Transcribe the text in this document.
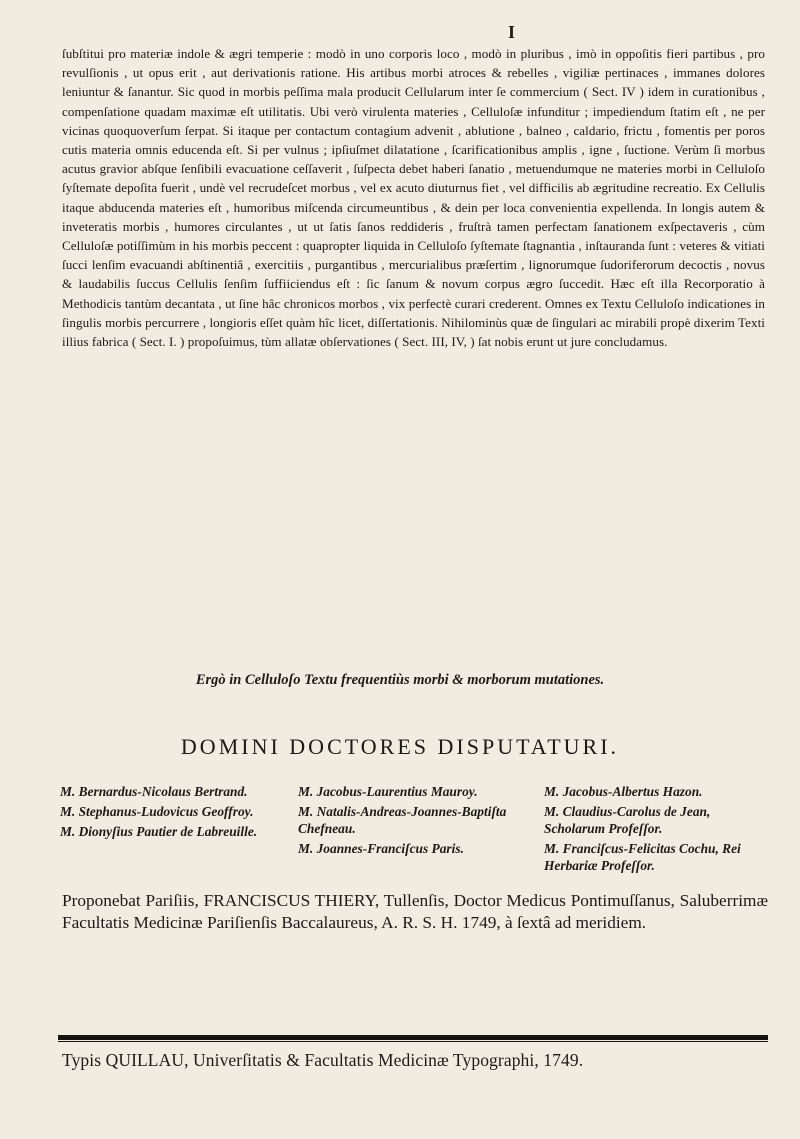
I

ſubſtitui pro materiæ indole & ægri temperie : modò in uno corporis loco , modò in pluribus , imò in oppoſitis fieri partibus , pro revulſionis , ut opus erit , aut derivationis ratione. His artibus morbi atroces & rebelles , vigiliæ pertinaces , immanes dolores leniuntur & ſanantur. Sic quod in morbis peſſima mala producit Cellularum inter ſe commercium ( Sect. IV ) idem in curationibus , compenſatione quadam maximæ eſt utilitatis. Ubi verò virulenta materies , Celluloſæ infunditur ; impediendum ſtatim eſt , ne per vicinas quoquoverſum ſerpat. Si itaque per contactum contagium advenit , ablutione , balneo , caldario, frictu , fomentis per poros cutis materia omnis educenda eſt. Si per vulnus ; ipſiuſmet dilatatione , ſcarificationibus amplis , igne , ſuctione. Verùm ſi morbus acutus gravior abſque ſenſibili evacuatione ceſſaverit , ſuſpecta debet haberi ſanatio , metuendumque ne materies morbi in Celluloſo ſyſtemate depoſita fuerit , undè vel recrudeſcet morbus , vel ex acuto diuturnus fiet , vel difficilis ab ægritudine recreatio. Ex Cellulis itaque abducenda materies eſt , humoribus miſcenda circumeuntibus , & dein per loca convenientia expellenda. In longis autem & inveteratis morbis , humores circulantes , ut ut ſatis ſanos reddideris , fruſtrà tamen perfectam ſanationem exſpectaveris , cùm Celluloſæ potiſſimùm in his morbis peccent : quapropter liquida in Celluloſo ſyſtemate ſtagnantia , inſtauranda ſunt : veteres & vitiati ſucci lenſim evacuandi abſtinentiâ , exercitiis , purgantibus , mercurialibus præſertim , lignorumque ſudoriferorum decoctis , novus & laudabilis ſuccus Cellulis ſenſim ſuffiiciendus eſt : ſic ſanum & novum corpus ægro ſuccedit. Hæc eſt illa Recorporatio à Methodicis tantùm decantata , ut ſine hâc chronicos morbos , vix perfectè curari crederent. Omnes ex Textu Celluloſo indicationes in ſingulis morbis percurrere , longioris eſſet quàm hîc licet, diſſertationis. Nihilominùs quæ de ſingulari ac mirabili propè dixerim Texti illius fabrica ( Sect. I. ) propoſuimus, tùm allatæ obſervationes ( Sect. III, IV, ) ſat nobis erunt ut jure concludamus.

Ergò in Celluloſo Textu frequentiùs morbi & morborum mutationes.
DOMINI DOCTORES DISPUTATURI.
M. Bernardus-Nicolaus Bertrand.
M. Stephanus-Ludovicus Geoffroy.
M. Dionyſius Pautier de Labreuille.
M. Jacobus-Laurentius Mauroy.
M. Natalis-Andreas-Joannes-Baptiſta Chefneau.
M. Joannes-Franciſcus Paris.
M. Jacobus-Albertus Hazon.
M. Claudius-Carolus de Jean, Scholarum Profeſſor.
M. Franciſcus-Felicitas Cochu, Rei Herbariæ Profeſſor.
Proponebat Pariſiis, FRANCISCUS THIERY, Tullenſis, Doctor Medicus Pontimuſſanus, Saluberrimæ Facultatis Medicinæ Pariſienſis Baccalaureus, A. R. S. H. 1749, à ſextâ ad meridiem.
Typis QUILLAU, Univerſitatis & Facultatis Medicinæ Typographi, 1749.
